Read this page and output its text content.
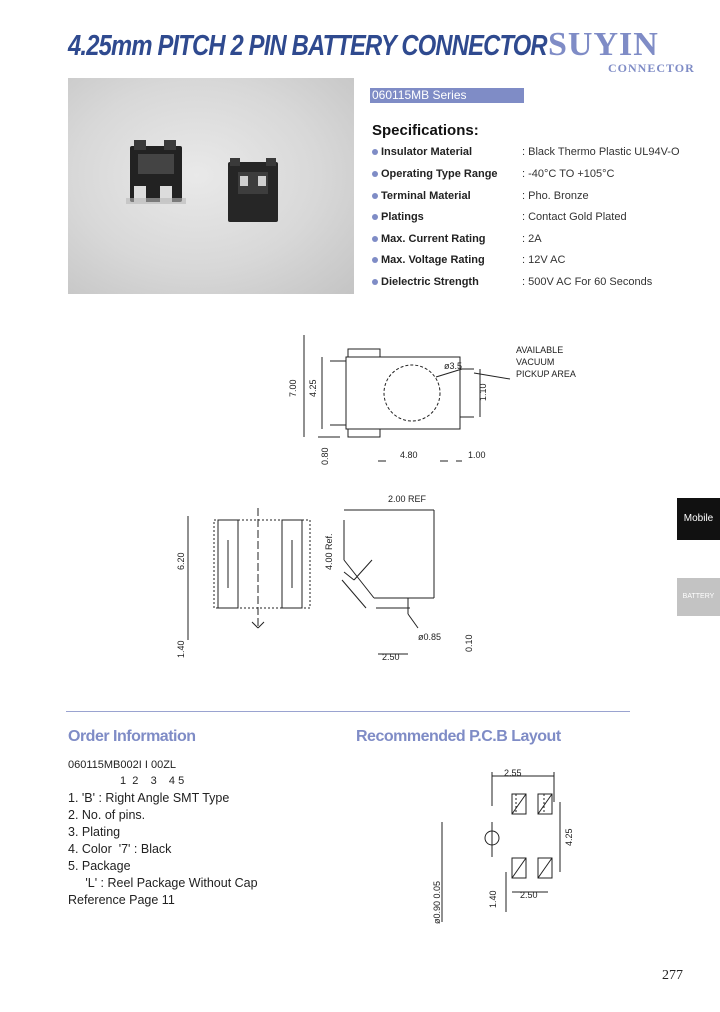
4.25mm PITCH 2 PIN BATTERY CONNECTOR SUYIN
CONNECTOR
060115MB Series
Specifications:
Insulator Material	: Black Thermo Plastic UL94V-O
Operating Type Range : -40°C TO +105°C
Terminal Material	: Pho. Bronze
Platings	: Contact Gold Plated
Max. Current Rating	: 2A
Max. Voltage Rating	: 12V AC
Dielectric Strength	: 500V AC For 60 Seconds
7.00 4.25
0.80	4.80
1.10
1.00
ø3.5
AVAILABLE
VACUUM
PICKUP AREA
6.20
1.40
2.00 REF
4.00 Ref.
ø0.85	0.10
2.50
Mobile
BATTERY
Order Information
060115MB002I I 00ZL
1  2    3    4 5
1. 'B' : Right Angle SMT Type
2. No. of pins.
3. Plating
4. Color  '7' : Black
5. Package
'L' : Reel Package Without Cap
Reference Page 11
Recommended P.C.B Layout
2.55
4.25
1.40 2.50
ø0.90 0.05
277
